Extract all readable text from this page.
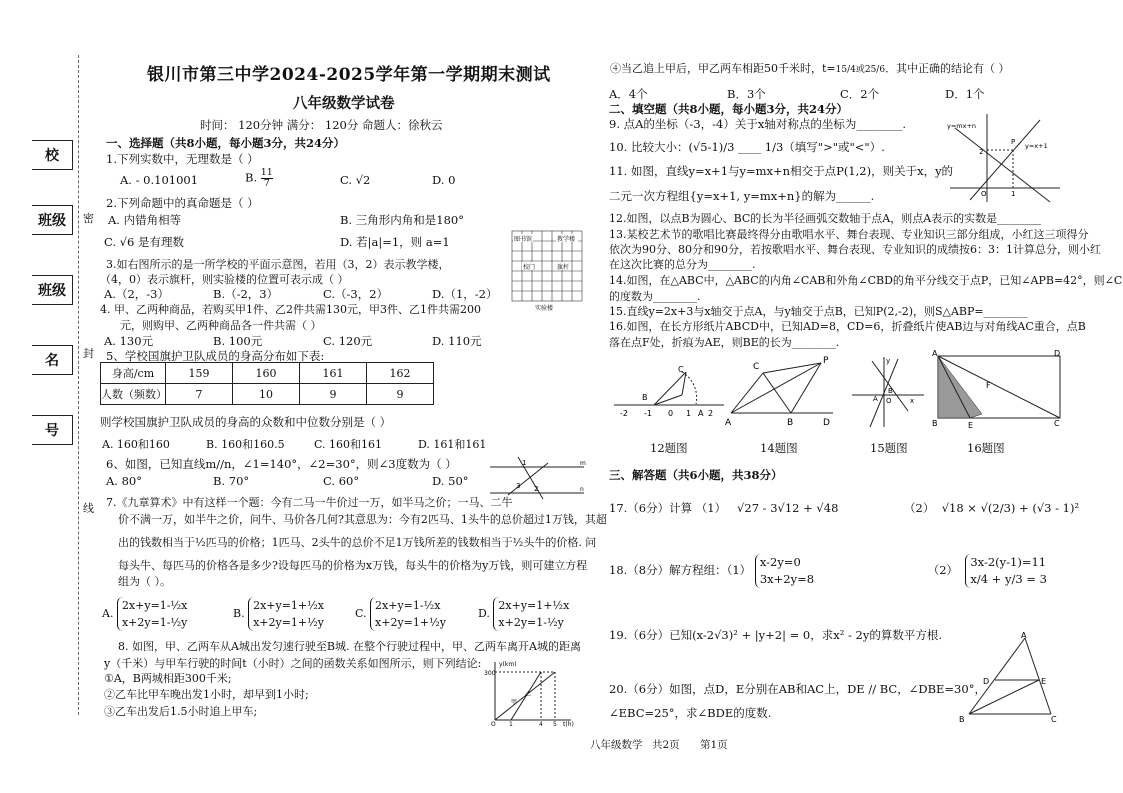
校
班级
班级
名
号
密
封
线
银川市第三中学2024-2025学年第一学期期末测试
八年级数学试卷
时间： 120分钟 满分： 120分 命题人：徐秋云
一、选择题（共8小题，每小题3分，共24分）
1.下列实数中，无理数是（ ）
A. - 0.101001	B. $\frac{11}{7}$	C. √2	D. 0
2.下列命题中的真命题是（ ）
A. 内错角相等	B. 三角形内角和是180°
C. √6 是有理数	D. 若|a|=1，则 a=1
3.如右图所示的是一所学校的平面示意图，若用（3，2）表示教学楼，
（4，0）表示旗杆，则实验楼的位置可表示成（ ）
A.（2，-3）	B.（-2，3）	C.（-3，2）	D.（1，-2）
图书馆	教学楼
校门	旗杆
实验楼
4. 甲、乙两种商品，若购买甲1件、乙2件共需130元，甲3件、乙1件共需200
元，则购甲、乙两种商品各一件共需（ ）
A. 130元	B. 100元	C. 120元	D. 110元
5、学校国旗护卫队成员的身高分布如下表:
身高/cm	159	160	161	162
人数（频数）	7	10	9	9
则学校国旗护卫队成员的身高的众数和中位数分别是（ ）
A. 160和160	B. 160和160.5	C. 160和161	D. 161和161
6、如图，已知直线m//n，∠1=140°，∠2=30°，则∠3度数为（ ）
A. 80°	B. 70°	C. 60°	D. 50°
1
3 2
m
n
7.《九章算术》中有这样一个题：今有二马一牛价过一万，如半马之价；一马、二牛
价不满一万，如半牛之价，问牛、马价各几何?其意思为：今有2匹马、1头牛的总价超过1万钱，其超
出的钱数相当于½匹马的价格；1匹马、2头牛的总价不足1万钱所差的钱数相当于½头牛的价格. 问
每头牛、每匹马的价格各是多少?设每匹马的价格为x万钱，每头牛的价格为y万钱，则可建立方程
组为（ ）。
A. 2x+y=1-½x
x+2y=1-½y
B. 2x+y=1+½x
x+2y=1+½y
C. 2x+y=1-½x
x+2y=1+½y
D. 2x+y=1+½x
x+2y=1-½y
8. 如图，甲、乙两车从A城出发匀速行驶至B城. 在整个行驶过程中，甲、乙两车离开A城的距离
y（千米）与甲车行驶的时间t（小时）之间的函数关系如图所示，则下列结论:
①A，B两城相距300千米;
②乙车比甲车晚出发1小时，却早到1小时;
③乙车出发后1.5小时追上甲车;
300
y(km)
O 1	4 5 t(h)
甲
乙
④当乙追上甲后，甲乙两车相距50千米时，t=15/4或25/6．其中正确的结论有（ ）
A．4个	B．3个	C．2个	D．1个
二、填空题（共8小题，每小题3分，共24分）
9. 点A的坐标（-3，-4）关于x轴对称点的坐标为________.
10. 比较大小：(√5-1)/3 ____ 1/3（填写">"或"<"）.
11. 如图，直线y=x+1与y=mx+n相交于点P(1,2)，则关于x，y的
二元一次方程组{y=x+1, y=mx+n}的解为______.
y=mx+n
y=x+1
P
2
O	1
12.如图，以点B为圆心、BC的长为半径画弧交数轴于点A，则点A表示的实数是________
13.某校艺术节的歌唱比赛最终得分由歌唱水平、舞台表现、专业知识三部分组成，小红这三项得分
依次为90分、80分和90分，若按歌唱水平、舞台表现、专业知识的成绩按6：3：1计算总分，则小红
在这次比赛的总分为________.
14.如图，在△ABC中，△ABC的内角∠CAB和外角∠CBD的角平分线交于点P，已知∠APB=42°，则∠C
的度数为________.
15.直线y=2x+3与x轴交于点A，与y轴交于点B，已知P(2,-2)，则S△ABP=________
16.如图，在长方形纸片ABCD中，已知AD=8，CD=6，折叠纸片使AB边与对角线AC重合，点B
落在点F处，折痕为AE，则BE的长为________.
-2 -1 0 1 A 2
B
C
A
C
B	D
P
B
A O	x
y
A	D
B	E	C
F
12题图	14题图	15题图	16题图
三、解答题（共6小题，共38分）
17.（6分）计算 （1） √27 - 3√12 + √48	（2） √18 × √(2/3) + (√3 - 1)²
18.（8分）解方程组：（1） x-2y=0
3x+2y=8 （2）  3x-2(y-1)=11
x/4 + y/3 = 3
19.（6分）已知(x-2√3)² + |y+2| = 0，求x² - 2y的算数平方根.
20.（6分）如图，点D，E分别在AB和AC上，DE // BC，∠DBE=30°，
∠EBC=25°，求∠BDE的度数.
A
D	E
B	C
八年级数学 共2页 第1页
